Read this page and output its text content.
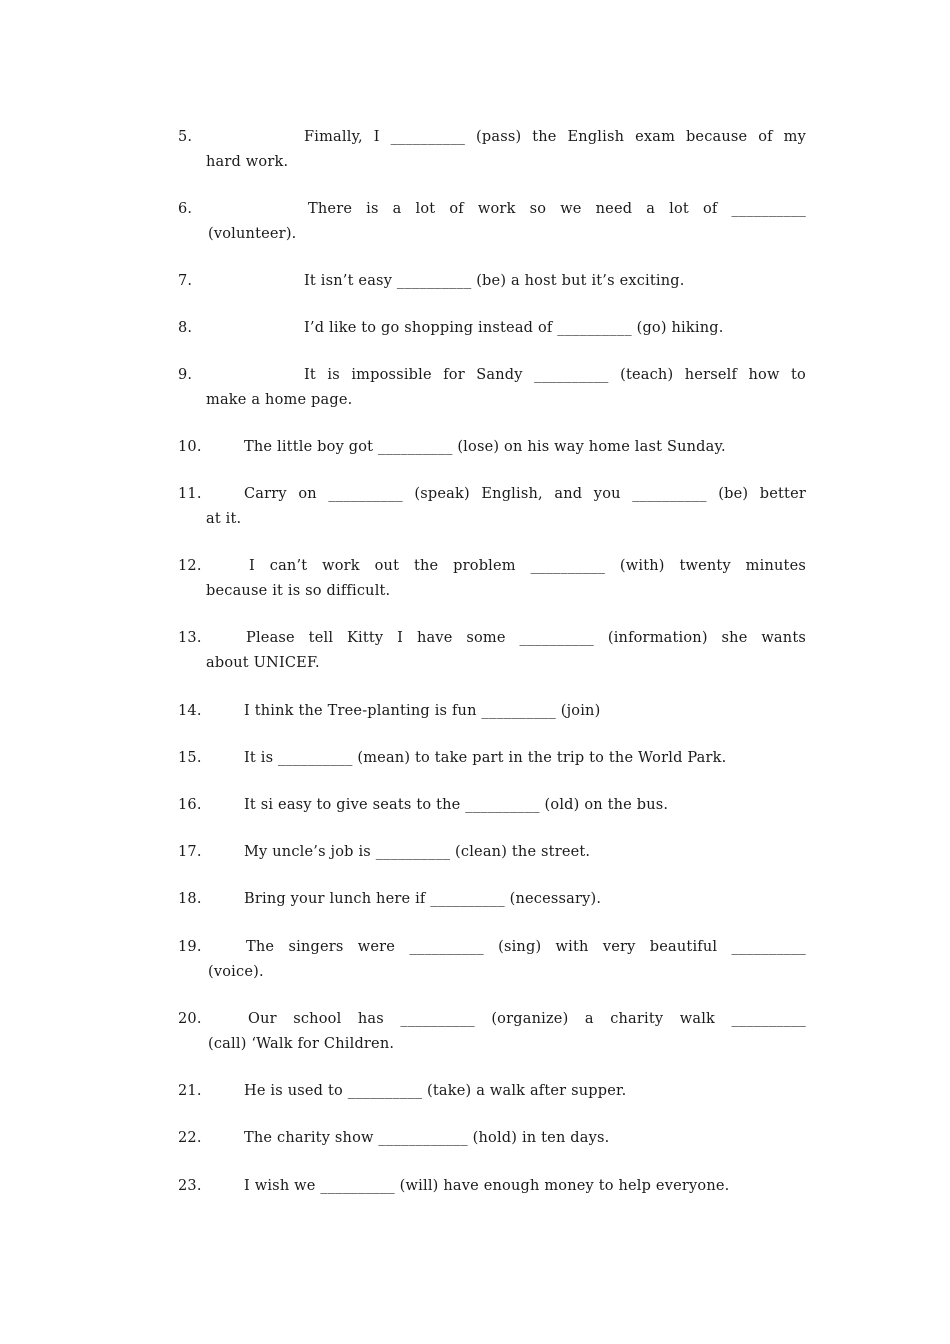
5.	Fimally, I __________ (pass) the English exam because of my
hard work.
6.	There is a lot of work so we need a lot of __________
(volunteer).
7.	It isn’t easy __________ (be) a host but it’s exciting.
8.	I’d like to go shopping instead of __________ (go) hiking.
9.	It is impossible for Sandy __________ (teach) herself how to
make a home page.
10.	The little boy got __________ (lose) on his way home last Sunday.
11.	Carry on __________ (speak) English, and you __________ (be) better
at it.
12.	I can’t work out the problem __________ (with) twenty minutes
because it is so difficult.
13.	Please tell Kitty I have some __________ (information) she wants
about UNICEF.
14.	I think the Tree-planting is fun __________ (join)
15.	It is __________ (mean) to take part in the trip to the World Park.
16.	It si easy to give seats to the __________ (old) on the bus.
17.	My uncle’s job is __________ (clean) the street.
18.	Bring your lunch here if __________ (necessary).
19.	The singers were __________ (sing) with very beautiful __________
(voice).
20.	Our school has __________ (organize) a charity walk __________
(call) ‘Walk for Children.
21.	He is used to __________ (take) a walk after supper.
22.	The charity show ____________ (hold) in ten days.
23.	I wish we __________ (will) have enough money to help everyone.
